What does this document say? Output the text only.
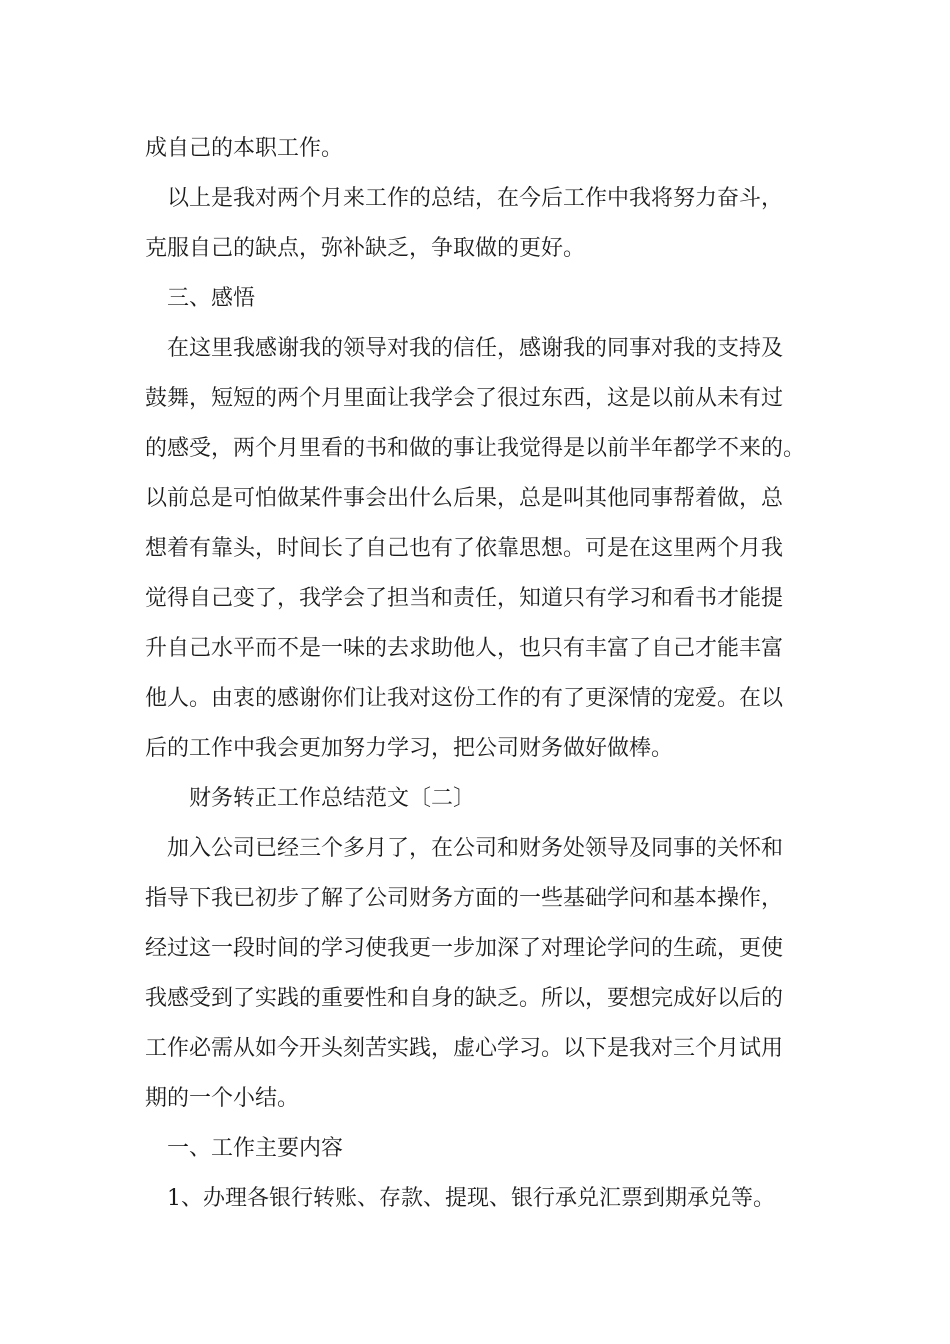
成自己的本职工作。

以上是我对两个月来工作的总结，在今后工作中我将努力奋斗，
克服自己的缺点，弥补缺乏，争取做的更好。

三、感悟

在这里我感谢我的领导对我的信任，感谢我的同事对我的支持及
鼓舞，短短的两个月里面让我学会了很过东西，这是以前从未有过
的感受，两个月里看的书和做的事让我觉得是以前半年都学不来的。
以前总是可怕做某件事会出什么后果，总是叫其他同事帮着做，总
想着有靠头，时间长了自己也有了依靠思想。可是在这里两个月我
觉得自己变了，我学会了担当和责任，知道只有学习和看书才能提
升自己水平而不是一味的去求助他人，也只有丰富了自己才能丰富
他人。由衷的感谢你们让我对这份工作的有了更深情的宠爱。在以
后的工作中我会更加努力学习，把公司财务做好做棒。

财务转正工作总结范文〔二〕

加入公司已经三个多月了，在公司和财务处领导及同事的关怀和
指导下我已初步了解了公司财务方面的一些基础学问和基本操作，
经过这一段时间的学习使我更一步加深了对理论学问的生疏，更使
我感受到了实践的重要性和自身的缺乏。所以，要想完成好以后的
工作必需从如今开头刻苦实践，虚心学习。以下是我对三个月试用
期的一个小结。

一、工作主要内容

1、办理各银行转账、存款、提现、银行承兑汇票到期承兑等。
